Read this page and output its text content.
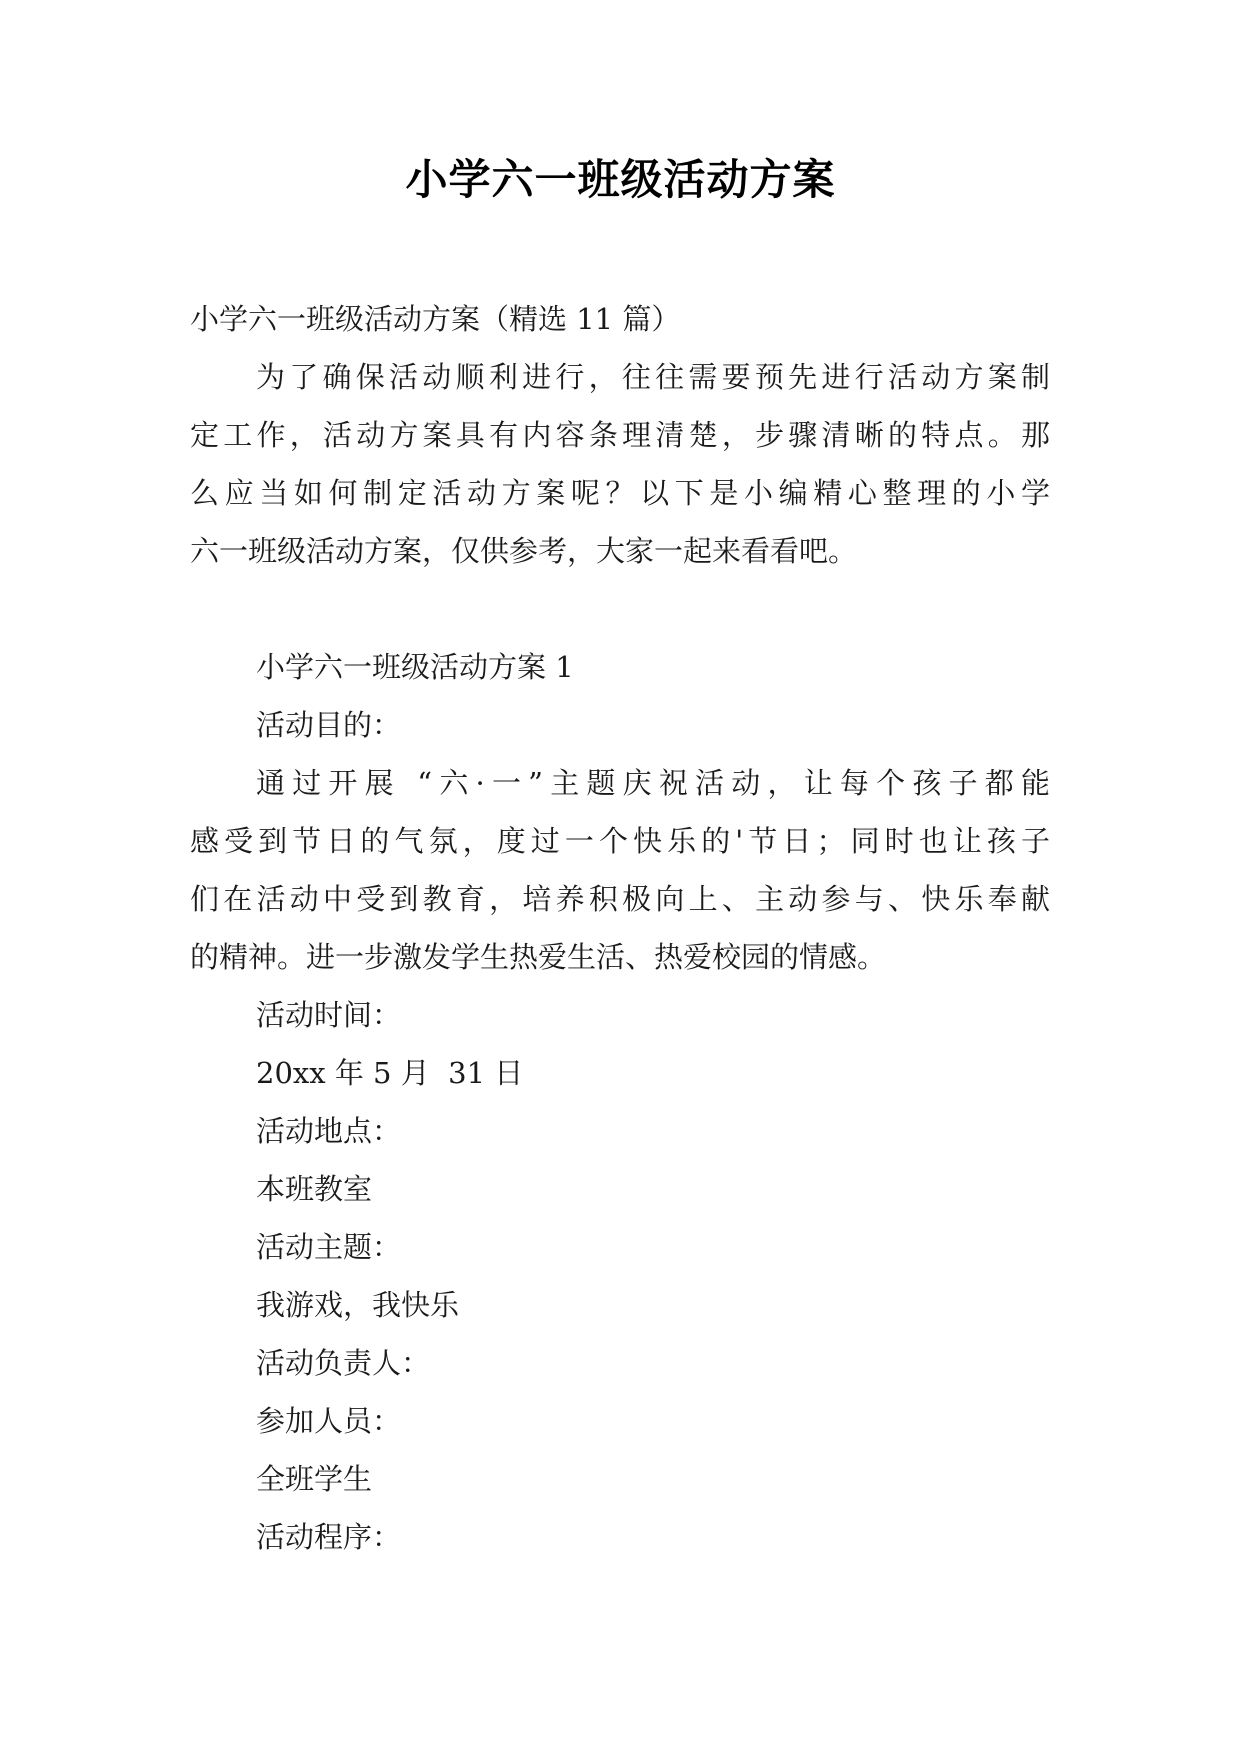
小学六一班级活动方案
小学六一班级活动方案（精选 11 篇）
为了确保活动顺利进行，往往需要预先进行活动方案制
定工作，活动方案具有内容条理清楚，步骤清晰的特点。那
么应当如何制定活动方案呢？以下是小编精心整理的小学
六一班级活动方案，仅供参考，大家一起来看看吧。
小学六一班级活动方案 1
活动目的：
通过开展 “六·一”主题庆祝活动，让每个孩子都能
感受到节日的气氛，度过一个快乐的'节日；同时也让孩子
们在活动中受到教育，培养积极向上、主动参与、快乐奉献
的精神。进一步激发学生热爱生活、热爱校园的情感。
活动时间：
20xx 年 5 月  31 日
活动地点：
本班教室
活动主题：
我游戏，我快乐
活动负责人：
参加人员：
全班学生
活动程序：
